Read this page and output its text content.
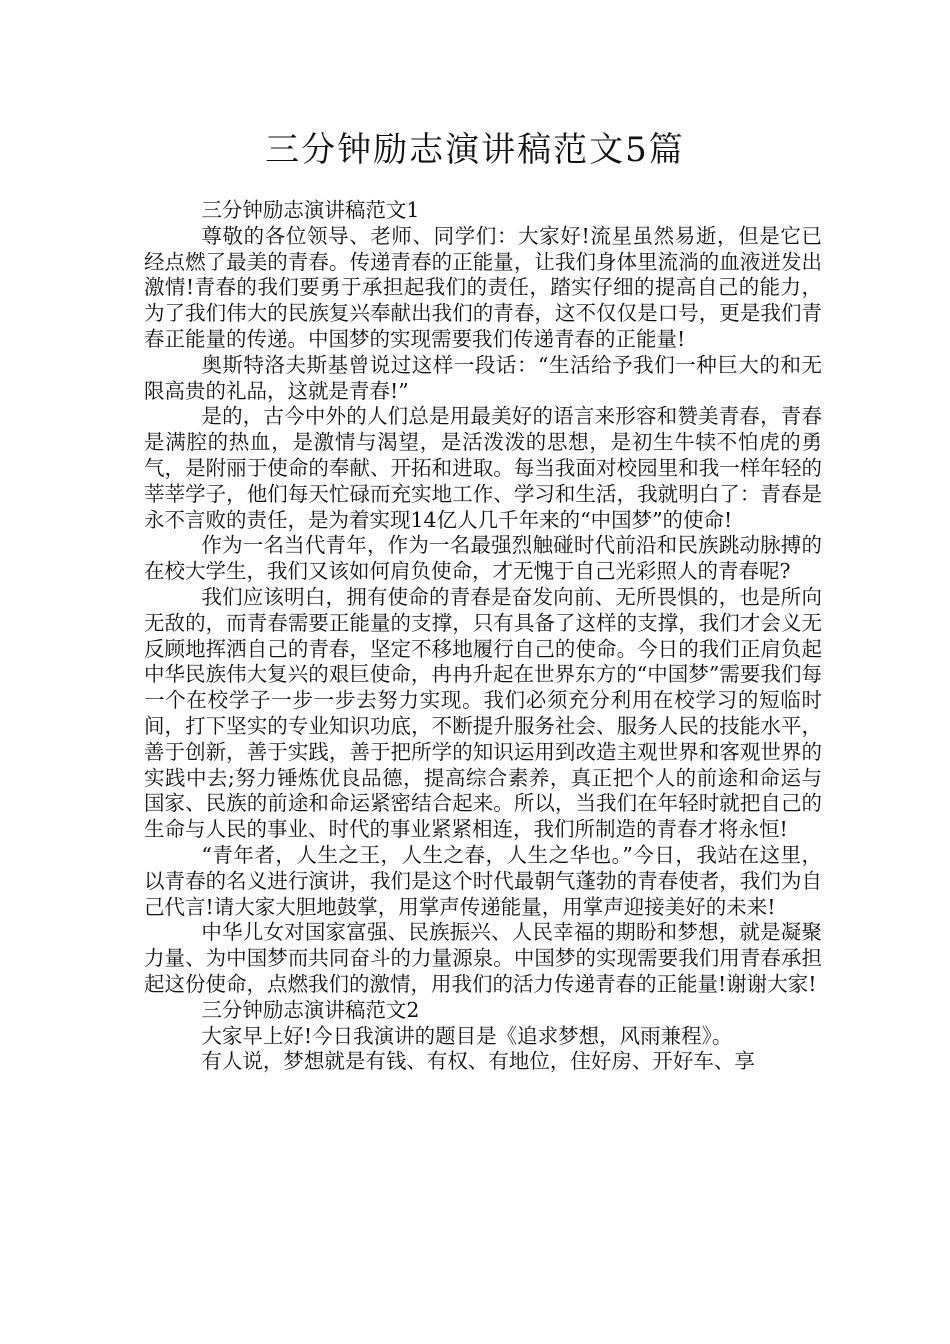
三分钟励志演讲稿范文5篇

三分钟励志演讲稿范文1

尊敬的各位领导、老师、同学们：大家好!流星虽然易逝，但是它已经点燃了最美的青春。传递青春的正能量，让我们身体里流淌的血液迸发出激情!青春的我们要勇于承担起我们的责任，踏实仔细的提高自己的能力，为了我们伟大的民族复兴奉献出我们的青春，这不仅仅是口号，更是我们青春正能量的传递。中国梦的实现需要我们传递青春的正能量!

奥斯特洛夫斯基曾说过这样一段话：“生活给予我们一种巨大的和无限高贵的礼品，这就是青春!”

是的，古今中外的人们总是用最美好的语言来形容和赞美青春，青春是满腔的热血，是激情与渴望，是活泼泼的思想，是初生牛犊不怕虎的勇气，是附丽于使命的奉献、开拓和进取。每当我面对校园里和我一样年轻的莘莘学子，他们每天忙碌而充实地工作、学习和生活，我就明白了：青春是永不言败的责任，是为着实现14亿人几千年来的“中国梦”的使命!

作为一名当代青年，作为一名最强烈触碰时代前沿和民族跳动脉搏的在校大学生，我们又该如何肩负使命，才无愧于自己光彩照人的青春呢?

我们应该明白，拥有使命的青春是奋发向前、无所畏惧的，也是所向无敌的，而青春需要正能量的支撑，只有具备了这样的支撑，我们才会义无反顾地挥洒自己的青春，坚定不移地履行自己的使命。今日的我们正肩负起中华民族伟大复兴的艰巨使命，冉冉升起在世界东方的“中国梦”需要我们每一个在校学子一步一步去努力实现。我们必须充分利用在校学习的短临时间，打下坚实的专业知识功底，不断提升服务社会、服务人民的技能水平，善于创新，善于实践，善于把所学的知识运用到改造主观世界和客观世界的实践中去;努力锤炼优良品德，提高综合素养，真正把个人的前途和命运与国家、民族的前途和命运紧密结合起来。所以，当我们在年轻时就把自己的生命与人民的事业、时代的事业紧紧相连，我们所制造的青春才将永恒!

“青年者，人生之王，人生之春，人生之华也。”今日，我站在这里，以青春的名义进行演讲，我们是这个时代最朝气蓬勃的青春使者，我们为自己代言!请大家大胆地鼓掌，用掌声传递能量，用掌声迎接美好的未来!

中华儿女对国家富强、民族振兴、人民幸福的期盼和梦想，就是凝聚力量、为中国梦而共同奋斗的力量源泉。中国梦的实现需要我们用青春承担起这份使命，点燃我们的激情，用我们的活力传递青春的正能量!谢谢大家!

三分钟励志演讲稿范文2

大家早上好!今日我演讲的题目是《追求梦想，风雨兼程》。

有人说，梦想就是有钱、有权、有地位，住好房、开好车、享
